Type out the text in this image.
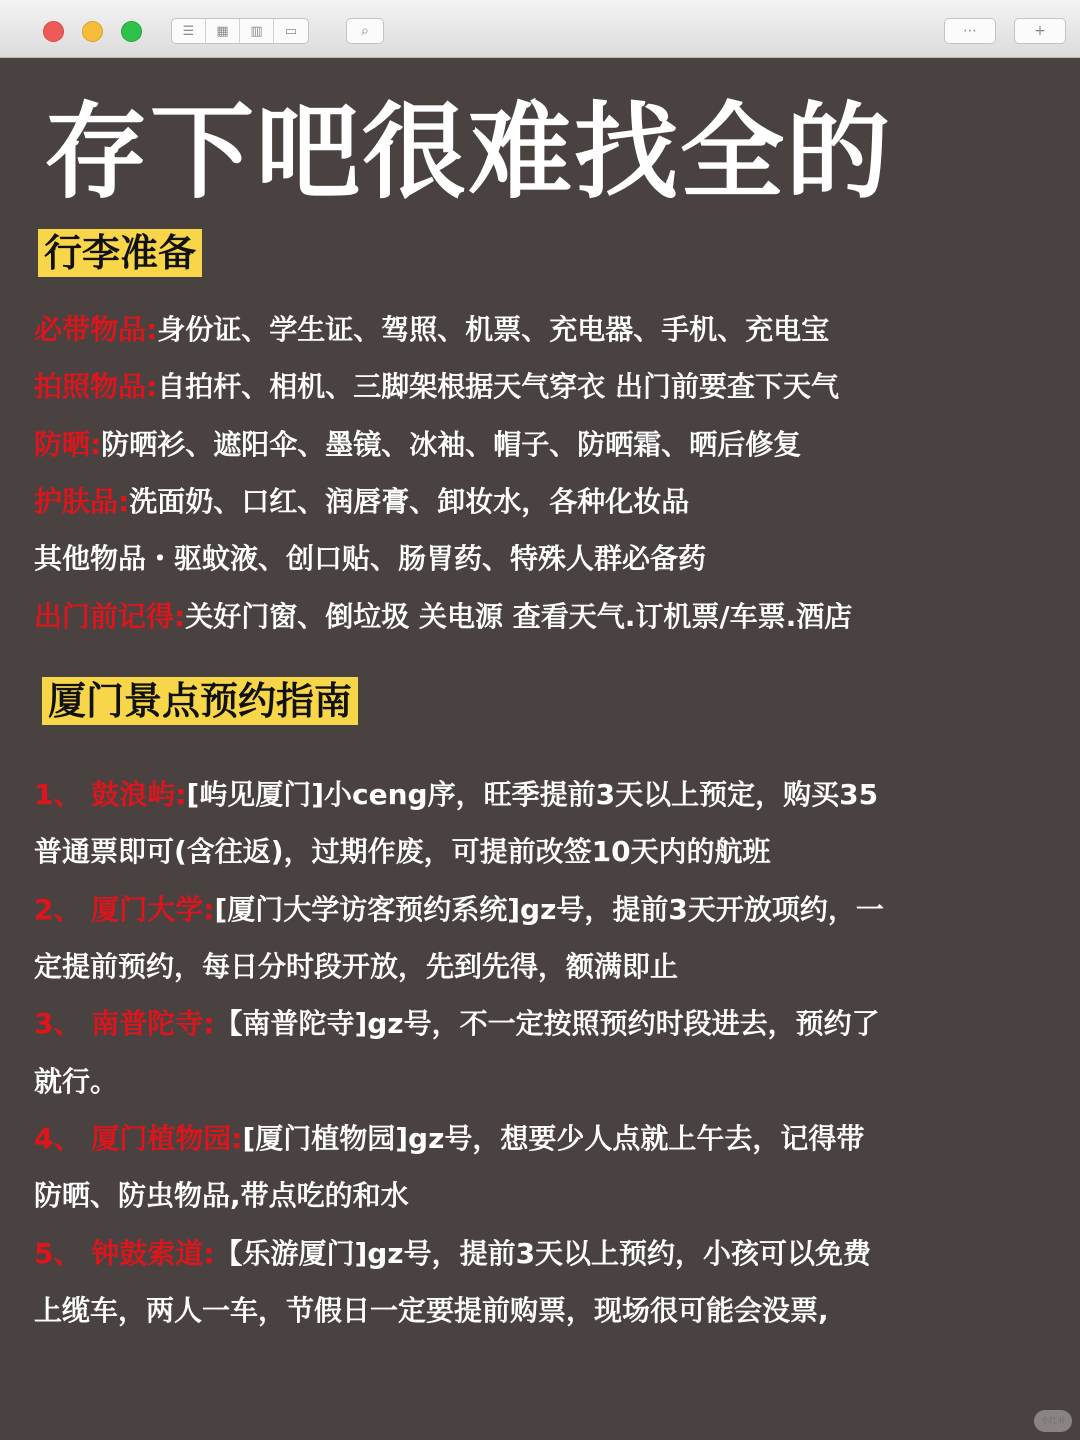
☰	▦	▥	▭	⌕	⋯	+
存下吧很难找全的
行李准备
必带物品:身份证、学生证、驾照、机票、充电器、手机、充电宝
拍照物品:自拍杆、相机、三脚架根据天气穿衣 出门前要查下天气
防晒:防晒衫、遮阳伞、墨镜、冰袖、帽子、防晒霜、晒后修复
护肤品:洗面奶、口红、润唇膏、卸妆水，各种化妆品
其他物品・驱蚊液、创口贴、肠胃药、特殊人群必备药
出门前记得:关好门窗、倒垃圾 关电源 查看天气.订机票/车票.酒店
厦门景点预约指南
1、 鼓浪屿:[屿见厦门]小ceng序，旺季提前3天以上预定，购买35
普通票即可(含往返)，过期作废，可提前改签10天内的航班
2、 厦门大学:[厦门大学访客预约系统]gz号，提前3天开放项约，一
定提前预约，每日分时段开放，先到先得，额满即止
3、 南普陀寺:【南普陀寺]gz号，不一定按照预约时段进去，预约了
就行。
4、 厦门植物园:[厦门植物园]gz号，想要少人点就上午去，记得带
防晒、防虫物品,带点吃的和水
5、 钟鼓索道:【乐游厦门]gz号，提前3天以上预约，小孩可以免费
上缆车，两人一车，节假日一定要提前购票，现场很可能会没票,
小红书
